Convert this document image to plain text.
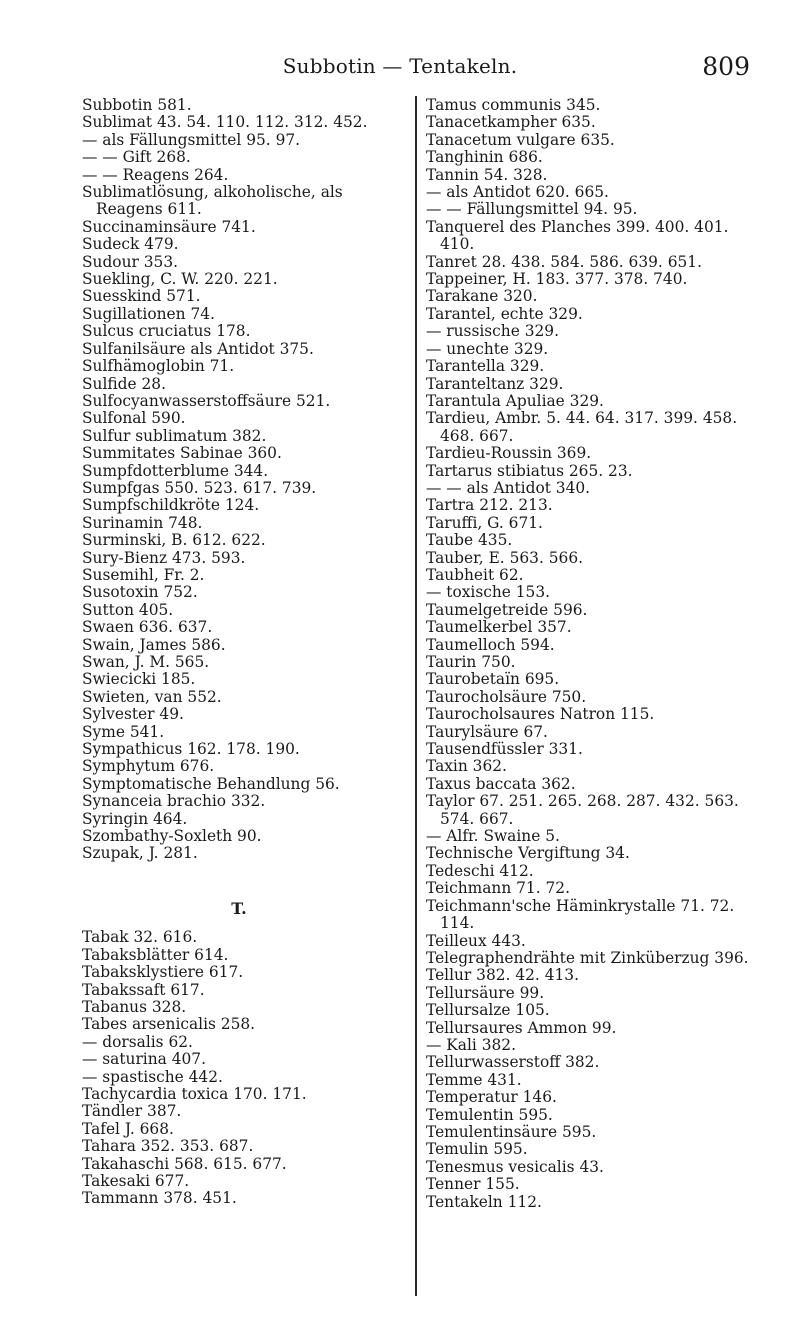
Subbotin — Tentakeln.	809
Subbotin 581.
Sublimat 43. 54. 110. 112. 312. 452.
— als Fällungsmittel 95. 97.
— — Gift 268.
— — Reagens 264.
Sublimatlösung, alkoholische, als Reagens 611.
Succinaminsäure 741.
Sudeck 479.
Sudour 353.
Suekling, C. W. 220. 221.
Suesskind 571.
Sugillationen 74.
Sulcus cruciatus 178.
Sulfanilsäure als Antidot 375.
Sulfhämoglobin 71.
Sulfide 28.
Sulfocyanwasserstoffsäure 521.
Sulfonal 590.
Sulfur sublimatum 382.
Summitates Sabinae 360.
Sumpfdotterblume 344.
Sumpfgas 550. 523. 617. 739.
Sumpfschildkröte 124.
Surinamin 748.
Surminski, B. 612. 622.
Sury-Bienz 473. 593.
Susemihl, Fr. 2.
Susotoxin 752.
Sutton 405.
Swaen 636. 637.
Swain, James 586.
Swan, J. M. 565.
Swiecicki 185.
Swieten, van 552.
Sylvester 49.
Syme 541.
Sympathicus 162. 178. 190.
Symphytum 676.
Symptomatische Behandlung 56.
Synanceia brachio 332.
Syringin 464.
Szombathy-Soxleth 90.
Szupak, J. 281.
T.
Tabak 32. 616.
Tabaksblätter 614.
Tabaksklystiere 617.
Tabakssaft 617.
Tabanus 328.
Tabes arsenicalis 258.
— dorsalis 62.
— saturina 407.
— spastische 442.
Tachycardia toxica 170. 171.
Tändler 387.
Tafel J. 668.
Tahara 352. 353. 687.
Takahaschi 568. 615. 677.
Takesaki 677.
Tammann 378. 451.
Tamus communis 345.
Tanacetkampher 635.
Tanacetum vulgare 635.
Tanghinin 686.
Tannin 54. 328.
— als Antidot 620. 665.
— — Fällungsmittel 94. 95.
Tanquerel des Planches 399. 400. 401. 410.
Tanret 28. 438. 584. 586. 639. 651.
Tappeiner, H. 183. 377. 378. 740.
Tarakane 320.
Tarantel, echte 329.
— russische 329.
— unechte 329.
Tarantella 329.
Taranteltanz 329.
Tarantula Apuliae 329.
Tardieu, Ambr. 5. 44. 64. 317. 399. 458. 468. 667.
Tardieu-Roussin 369.
Tartarus stibiatus 265. 23.
— — als Antidot 340.
Tartra 212. 213.
Taruffi, G. 671.
Taube 435.
Tauber, E. 563. 566.
Taubheit 62.
— toxische 153.
Taumelgetreide 596.
Taumelkerbel 357.
Taumelloch 594.
Taurin 750.
Taurobetaïn 695.
Taurocholsäure 750.
Taurocholsaures Natron 115.
Taurylsäure 67.
Tausendfüssler 331.
Taxin 362.
Taxus baccata 362.
Taylor 67. 251. 265. 268. 287. 432. 563. 574. 667.
— Alfr. Swaine 5.
Technische Vergiftung 34.
Tedeschi 412.
Teichmann 71. 72.
Teichmann'sche Häminkrystalle 71. 72. 114.
Teilleux 443.
Telegraphendrähte mit Zinküberzug 396.
Tellur 382. 42. 413.
Tellursäure 99.
Tellursalze 105.
Tellursaures Ammon 99.
— Kali 382.
Tellurwasserstoff 382.
Temme 431.
Temperatur 146.
Temulentin 595.
Temulentinsäure 595.
Temulin 595.
Tenesmus vesicalis 43.
Tenner 155.
Tentakeln 112.
